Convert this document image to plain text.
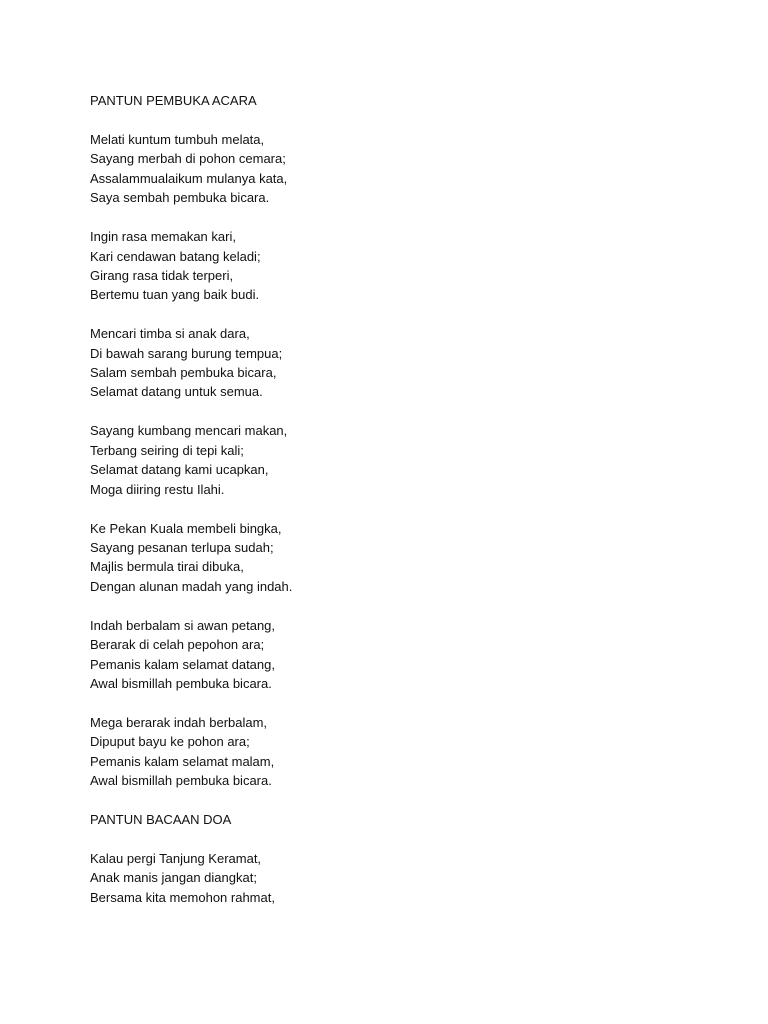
PANTUN PEMBUKA ACARA
Melati kuntum tumbuh melata,
Sayang merbah di pohon cemara;
Assalammualaikum mulanya kata,
Saya sembah pembuka bicara.
Ingin rasa memakan kari,
Kari cendawan batang keladi;
Girang rasa tidak terperi,
Bertemu tuan yang baik budi.
Mencari timba si anak dara,
Di bawah sarang burung tempua;
Salam sembah pembuka bicara,
Selamat datang untuk semua.
Sayang kumbang mencari makan,
Terbang seiring di tepi kali;
Selamat datang kami ucapkan,
Moga diiring restu Ilahi.
Ke Pekan Kuala membeli bingka,
Sayang pesanan terlupa sudah;
Majlis bermula tirai dibuka,
Dengan alunan madah yang indah.
Indah berbalam si awan petang,
Berarak di celah pepohon ara;
Pemanis kalam selamat datang,
Awal bismillah pembuka bicara.
Mega berarak indah berbalam,
Dipuput bayu ke pohon ara;
Pemanis kalam selamat malam,
Awal bismillah pembuka bicara.
PANTUN BACAAN DOA
Kalau pergi Tanjung Keramat,
Anak manis jangan diangkat;
Bersama kita memohon rahmat,
